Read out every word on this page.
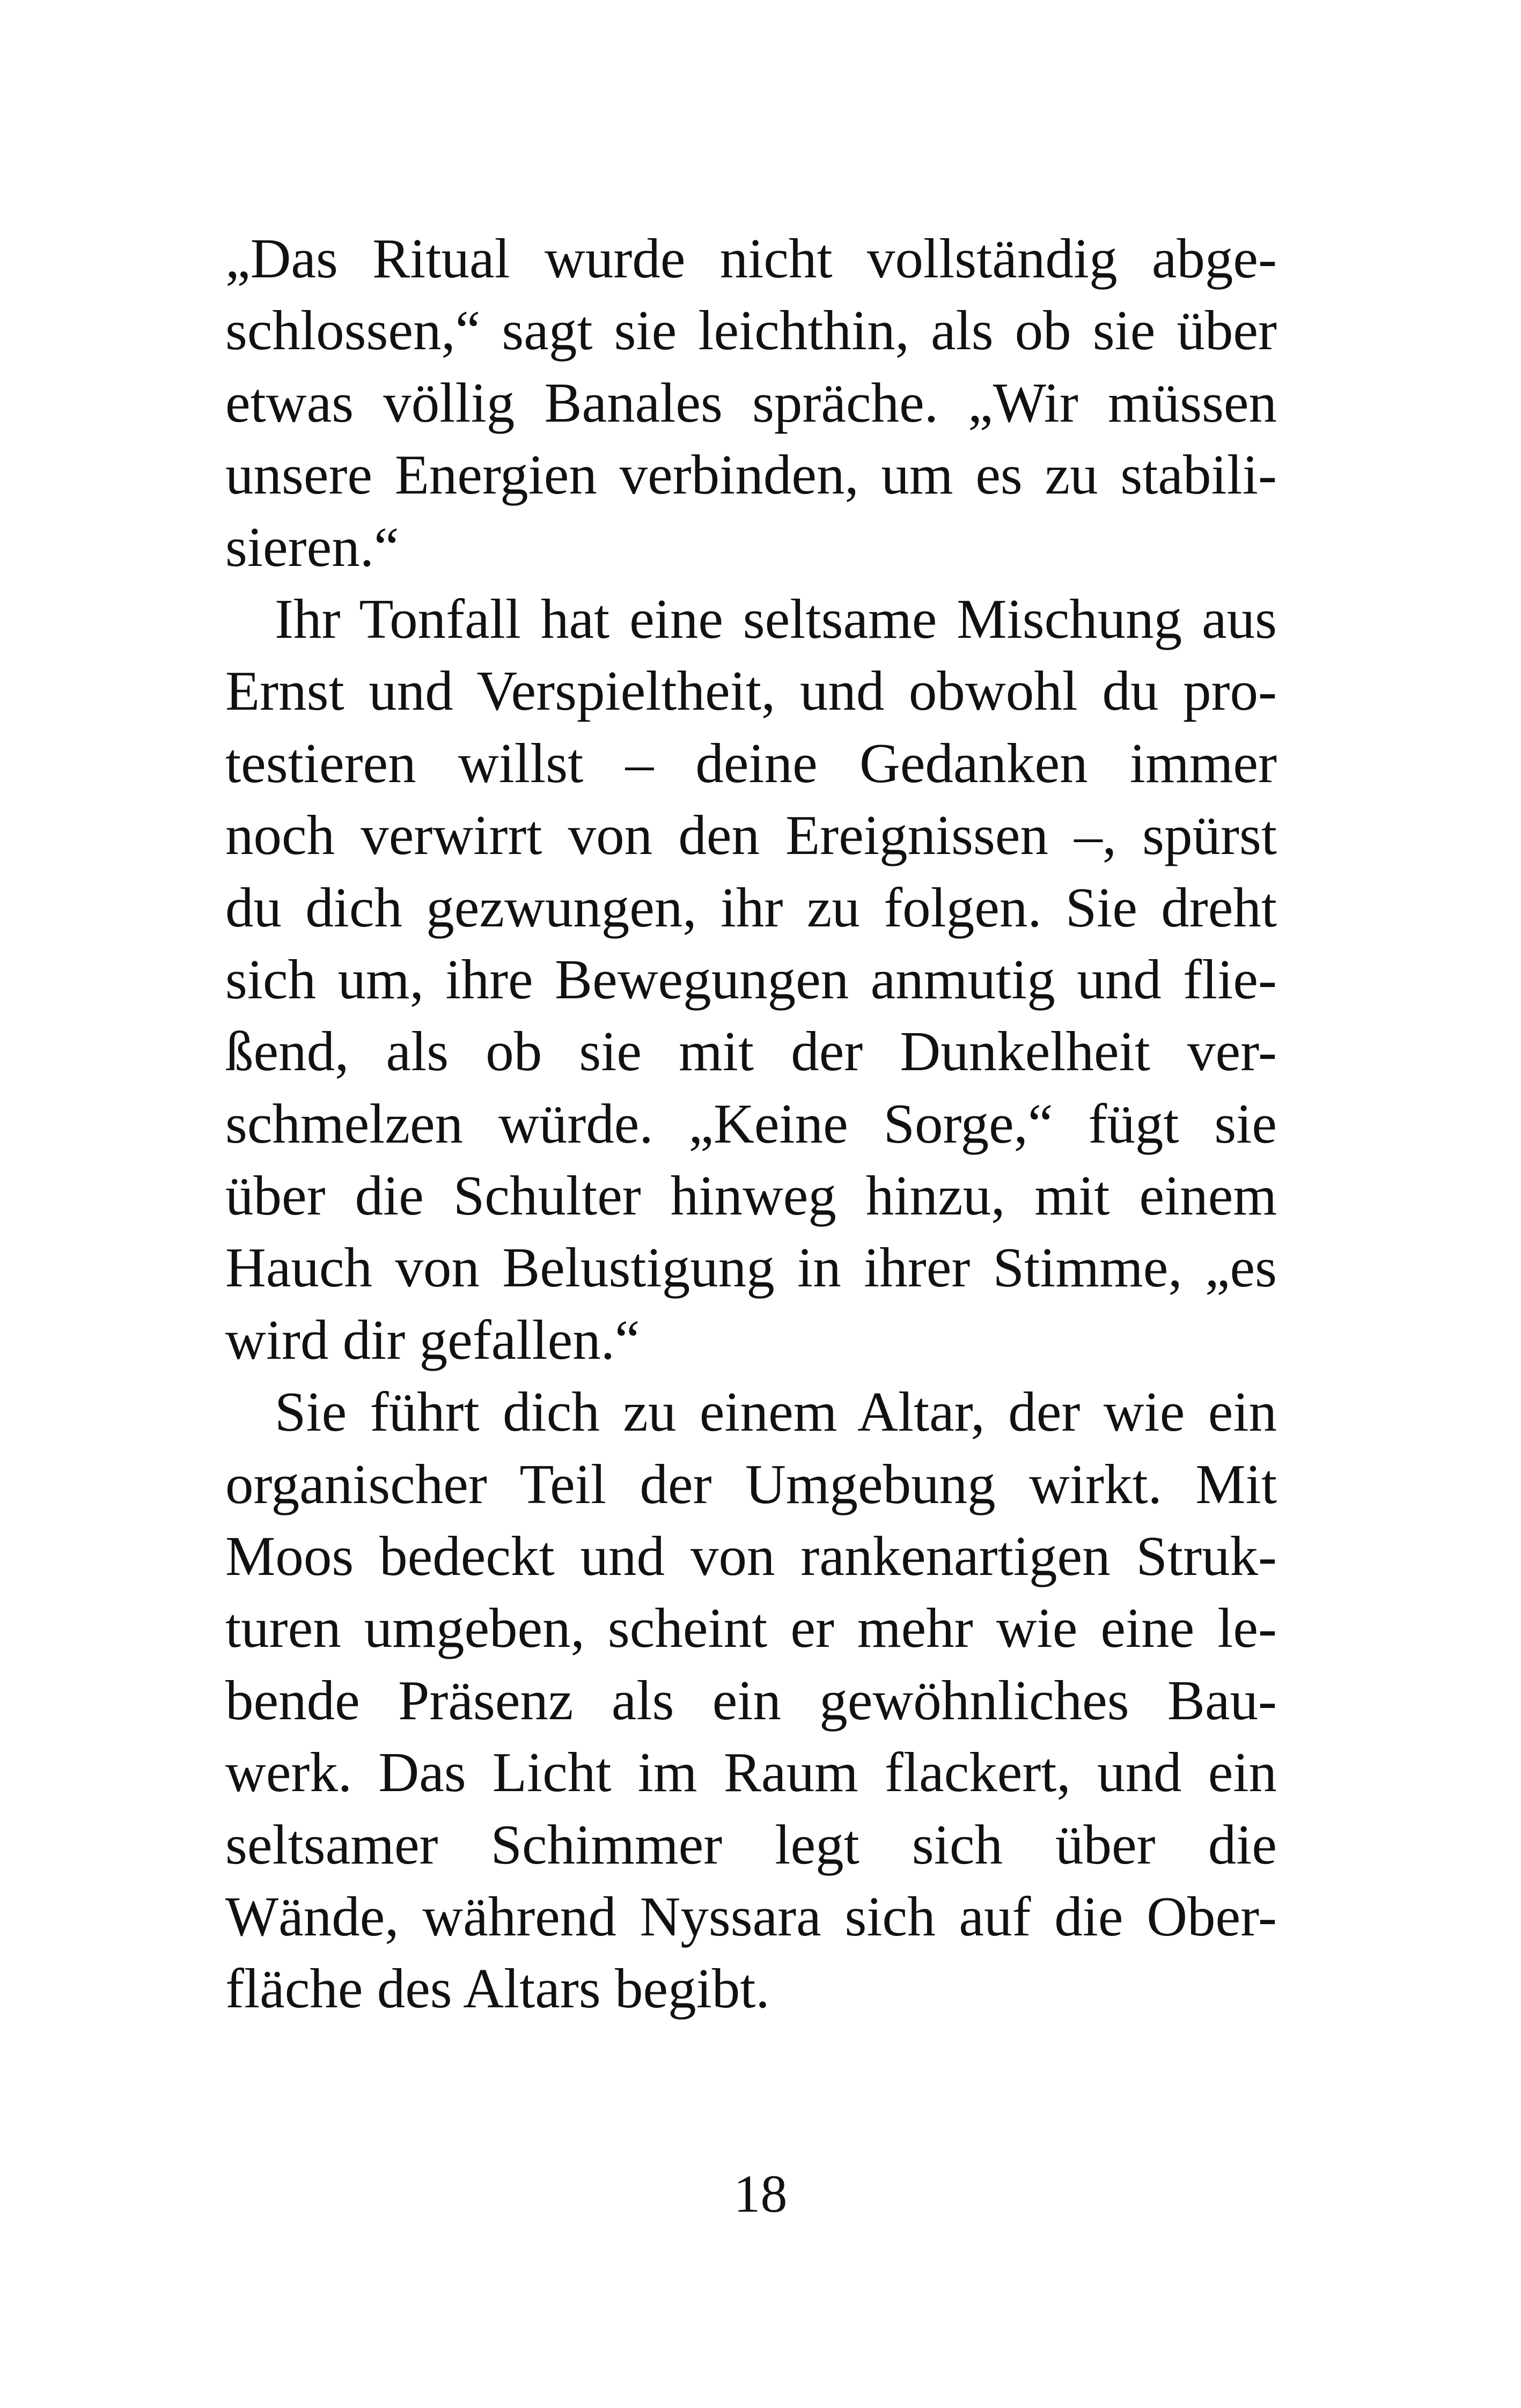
„Das Ritual wurde nicht vollständig abge-
schlossen,“ sagt sie leichthin, als ob sie über
etwas völlig Banales spräche. „Wir müssen
unsere Energien verbinden, um es zu stabili-
sieren.“
Ihr Tonfall hat eine seltsame Mischung aus
Ernst und Verspieltheit, und obwohl du pro-
testieren willst – deine Gedanken immer
noch verwirrt von den Ereignissen –, spürst
du dich gezwungen, ihr zu folgen. Sie dreht
sich um, ihre Bewegungen anmutig und flie-
ßend, als ob sie mit der Dunkelheit ver-
schmelzen würde. „Keine Sorge,“ fügt sie
über die Schulter hinweg hinzu, mit einem
Hauch von Belustigung in ihrer Stimme, „es
wird dir gefallen.“
Sie führt dich zu einem Altar, der wie ein
organischer Teil der Umgebung wirkt. Mit
Moos bedeckt und von rankenartigen Struk-
turen umgeben, scheint er mehr wie eine le-
bende Präsenz als ein gewöhnliches Bau-
werk. Das Licht im Raum flackert, und ein
seltsamer Schimmer legt sich über die
Wände, während Nyssara sich auf die Ober-
fläche des Altars begibt.
18
